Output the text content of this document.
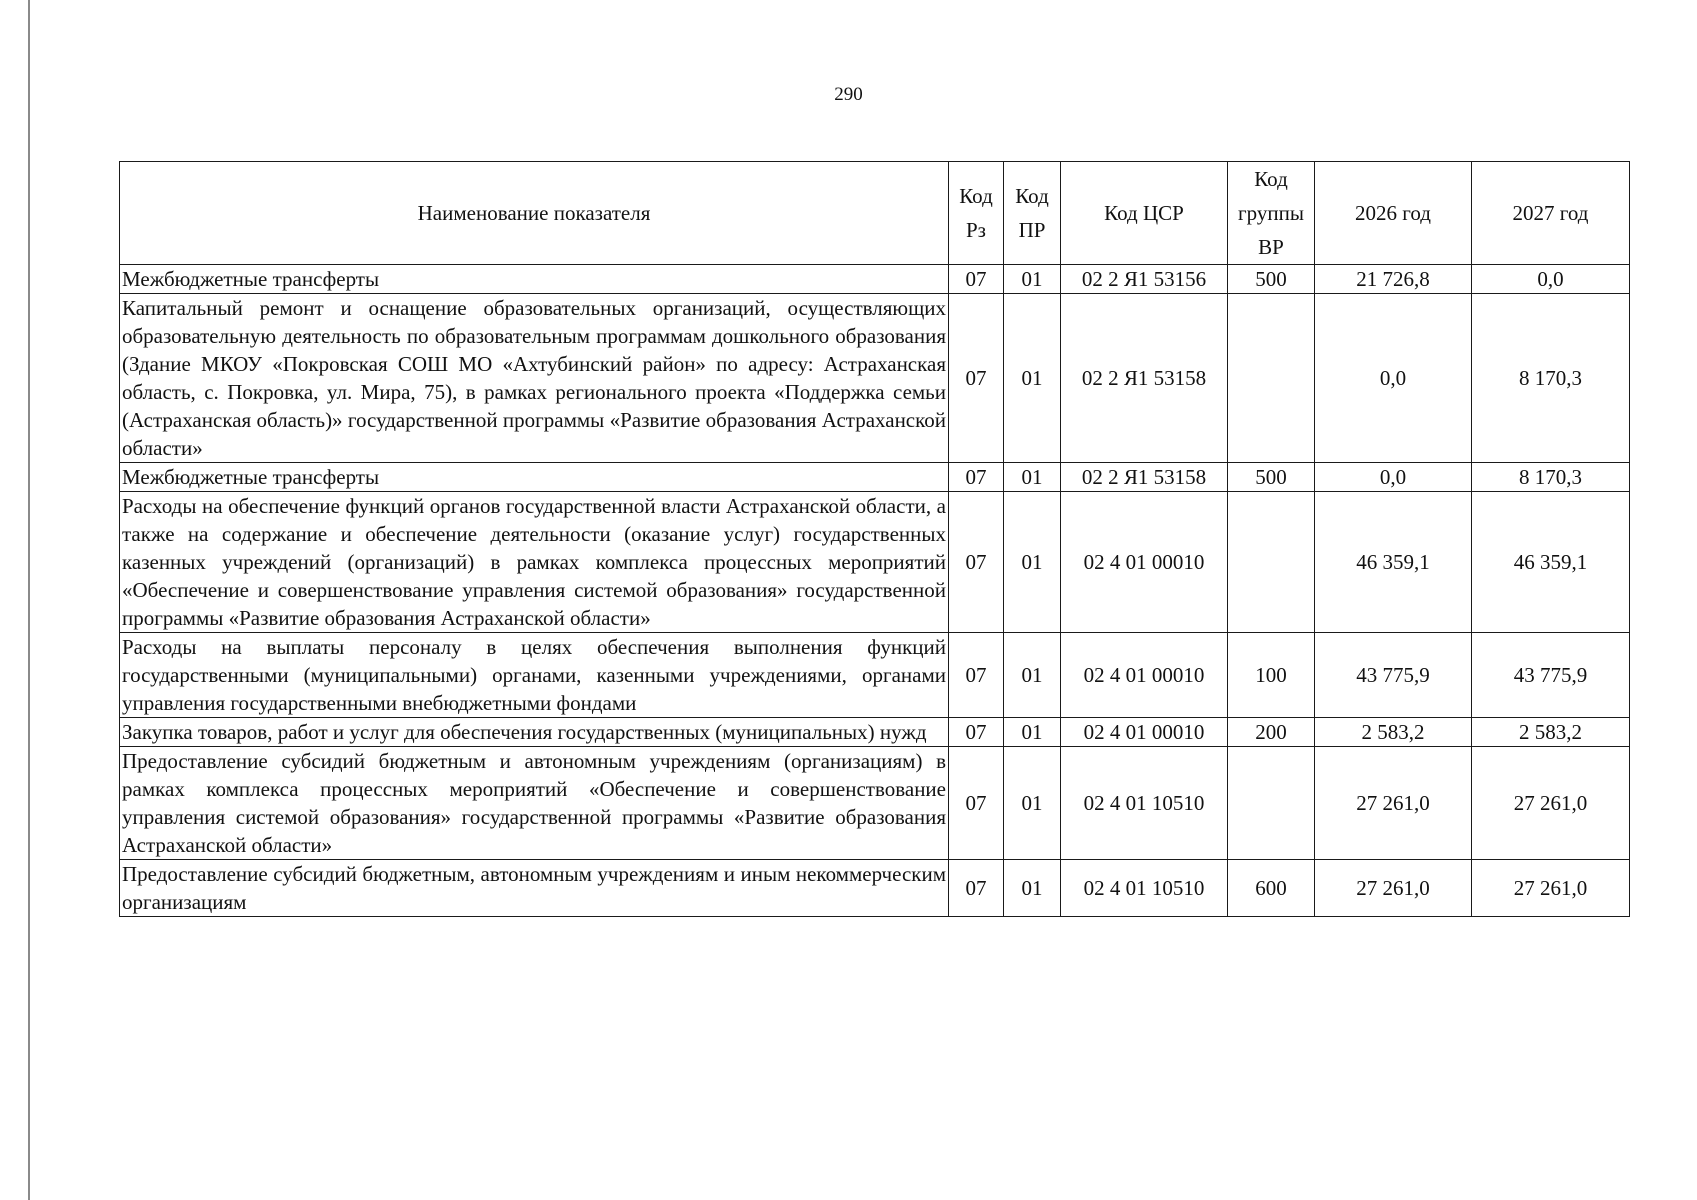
290
Наименование показателя	Код Рз	Код ПР	Код ЦСР	Код группы ВР	2026 год	2027 год
Межбюджетные трансферты	07	01	02 2 Я1 53156	500	21 726,8	0,0
Капитальный ремонт и оснащение образовательных организаций, осуществляющих образовательную деятельность по образовательным программам дошкольного образования (Здание МКОУ «Покровская СОШ МО «Ахтубинский район» по адресу: Астраханская область, с. Покровка, ул. Мира, 75), в рамках регионального проекта «Поддержка семьи (Астраханская область)» государственной программы «Развитие образования Астраханской области»	07	01	02 2 Я1 53158		0,0	8 170,3
Межбюджетные трансферты	07	01	02 2 Я1 53158	500	0,0	8 170,3
Расходы на обеспечение функций органов государственной власти Астраханской области, а также на содержание и обеспечение деятельности (оказание услуг) государственных казенных учреждений (организаций) в рамках комплекса процессных мероприятий «Обеспечение и совершенствование управления системой образования» государственной программы «Развитие образования Астраханской области»	07	01	02 4 01 00010		46 359,1	46 359,1
Расходы на выплаты персоналу в целях обеспечения выполнения функций государственными (муниципальными) органами, казенными учреждениями, органами управления государственными внебюджетными фондами	07	01	02 4 01 00010	100	43 775,9	43 775,9
Закупка товаров, работ и услуг для обеспечения государственных (муниципальных) нужд	07	01	02 4 01 00010	200	2 583,2	2 583,2
Предоставление субсидий бюджетным и автономным учреждениям (организациям) в рамках комплекса процессных мероприятий «Обеспечение и совершенствование управления системой образования» государственной программы «Развитие образования Астраханской области»	07	01	02 4 01 10510		27 261,0	27 261,0
Предоставление субсидий бюджетным, автономным учреждениям и иным некоммерческим организациям	07	01	02 4 01 10510	600	27 261,0	27 261,0
